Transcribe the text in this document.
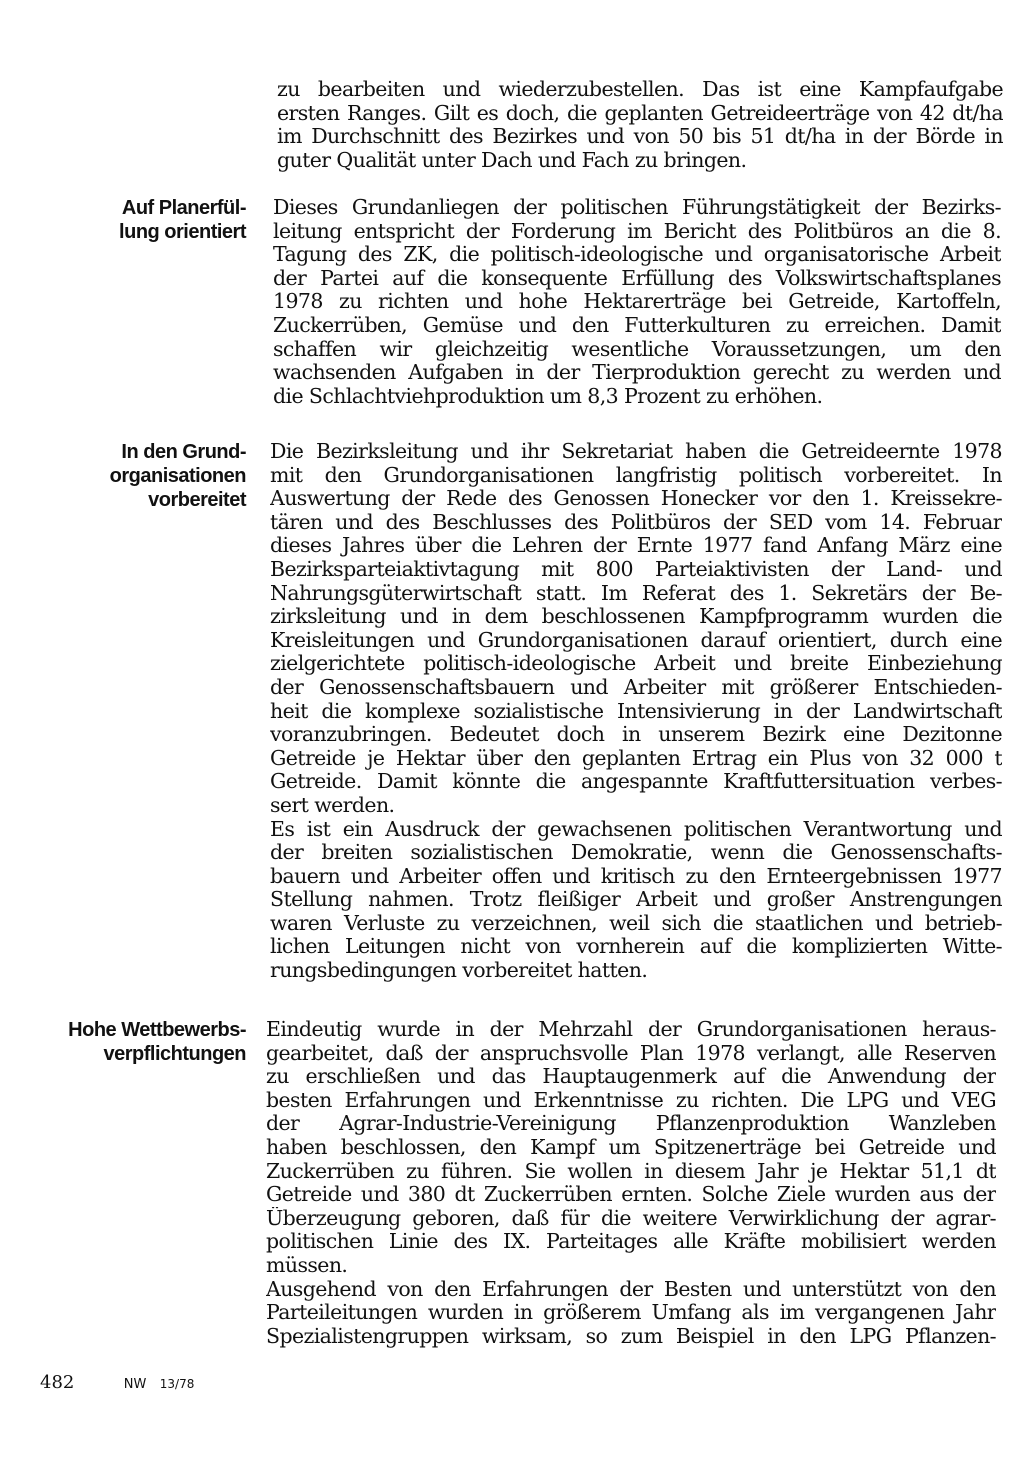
zu bearbeiten und wiederzubestellen. Das ist eine Kampfaufgabe
ersten Ranges. Gilt es doch, die geplanten Getreideerträge von 42 dt/ha
im Durchschnitt des Bezirkes und von 50 bis 51 dt/ha in der Börde in
guter Qualität unter Dach und Fach zu bringen.
Auf Planerfül-
lung orientiert
Dieses Grundanliegen der politischen Führungstätigkeit der Bezirks-
leitung entspricht der Forderung im Bericht des Politbüros an die 8.
Tagung des ZK, die politisch-ideologische und organisatorische Arbeit
der Partei auf die konsequente Erfüllung des Volkswirtschaftsplanes
1978 zu richten und hohe Hektarerträge bei Getreide, Kartoffeln,
Zuckerrüben, Gemüse und den Futterkulturen zu erreichen. Damit
schaffen wir gleichzeitig wesentliche Voraussetzungen, um den
wachsenden Aufgaben in der Tierproduktion gerecht zu werden und
die Schlachtviehproduktion um 8,3 Prozent zu erhöhen.
In den Grund-
organisationen
vorbereitet
Die Bezirksleitung und ihr Sekretariat haben die Getreideernte 1978
mit den Grundorganisationen langfristig politisch vorbereitet. In
Auswertung der Rede des Genossen Honecker vor den 1. Kreissekre-
tären und des Beschlusses des Politbüros der SED vom 14. Februar
dieses Jahres über die Lehren der Ernte 1977 fand Anfang März eine
Bezirksparteiaktivtagung mit 800 Parteiaktivisten der Land- und
Nahrungsgüterwirtschaft statt. Im Referat des 1. Sekretärs der Be-
zirksleitung und in dem beschlossenen Kampfprogramm wurden die
Kreisleitungen und Grundorganisationen darauf orientiert, durch eine
zielgerichtete politisch-ideologische Arbeit und breite Einbeziehung
der Genossenschaftsbauern und Arbeiter mit größerer Entschieden-
heit die komplexe sozialistische Intensivierung in der Landwirtschaft
voranzubringen. Bedeutet doch in unserem Bezirk eine Dezitonne
Getreide je Hektar über den geplanten Ertrag ein Plus von 32 000 t
Getreide. Damit könnte die angespannte Kraftfuttersituation verbes-
sert werden.
Es ist ein Ausdruck der gewachsenen politischen Verantwortung und
der breiten sozialistischen Demokratie, wenn die Genossenschafts-
bauern und Arbeiter offen und kritisch zu den Ernteergebnissen 1977
Stellung nahmen. Trotz fleißiger Arbeit und großer Anstrengungen
waren Verluste zu verzeichnen, weil sich die staatlichen und betrieb-
lichen Leitungen nicht von vornherein auf die komplizierten Witte-
rungsbedingungen vorbereitet hatten.
Hohe Wettbewerbs-
verpflichtungen
Eindeutig wurde in der Mehrzahl der Grundorganisationen heraus-
gearbeitet, daß der anspruchsvolle Plan 1978 verlangt, alle Reserven
zu erschließen und das Hauptaugenmerk auf die Anwendung der
besten Erfahrungen und Erkenntnisse zu richten. Die LPG und VEG
der Agrar-Industrie-Vereinigung Pflanzenproduktion Wanzleben
haben beschlossen, den Kampf um Spitzenerträge bei Getreide und
Zuckerrüben zu führen. Sie wollen in diesem Jahr je Hektar 51,1 dt
Getreide und 380 dt Zuckerrüben ernten. Solche Ziele wurden aus der
Überzeugung geboren, daß für die weitere Verwirklichung der agrar-
politischen Linie des IX. Parteitages alle Kräfte mobilisiert werden
müssen.
Ausgehend von den Erfahrungen der Besten und unterstützt von den
Parteileitungen wurden in größerem Umfang als im vergangenen Jahr
Spezialistengruppen wirksam, so zum Beispiel in den LPG Pflanzen-
482	NW 13/78
